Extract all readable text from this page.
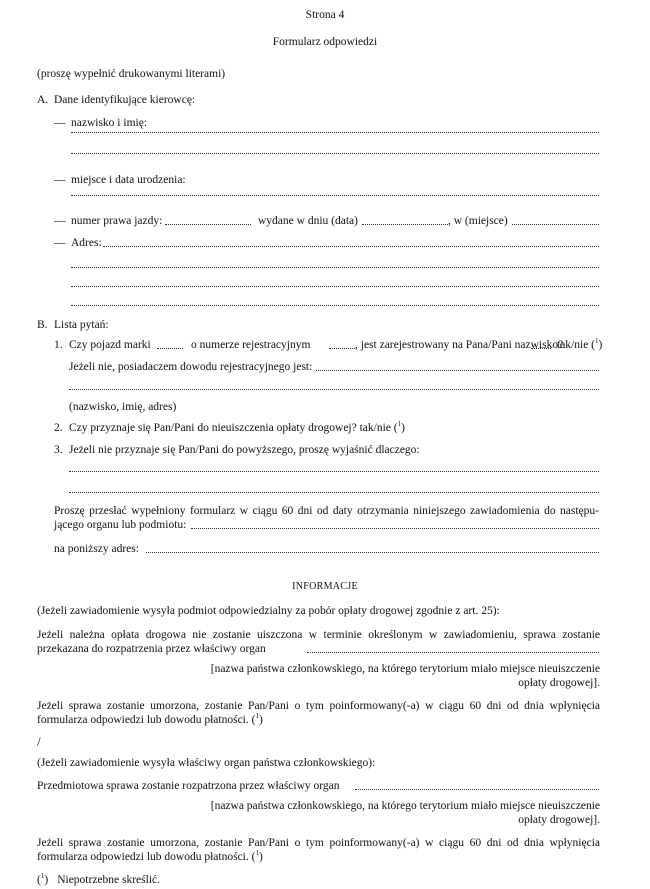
Strona 4
Formularz odpowiedzi
(proszę wypełnić drukowanymi literami)
A. Dane identyfikujące kierowcę:
— nazwisko i imię:
— miejsce i data urodzenia:
— numer prawa jazdy:	wydane w dniu (data)	, w (miejsce)
— Adres:
B. Lista pytań:
1. Czy pojazd marki	o numerze rejestracyjnym	, jest zarejestrowany na Pana/Pani nazwisko?
tak/nie ($^1$)
Jeżeli nie, posiadaczem dowodu rejestracyjnego jest:
(nazwisko, imię, adres)
2. Czy przyznaje się Pan/Pani do nieuiszczenia opłaty drogowej? tak/nie ($^1$)
3. Jeżeli nie przyznaje się Pan/Pani do powyższego, proszę wyjaśnić dlaczego:
Proszę przesłać wypełniony formularz w ciągu 60 dni od daty otrzymania niniejszego zawiadomienia do następu-
jącego organu lub podmiotu:
na poniższy adres:
INFORMACJE
(Jeżeli zawiadomienie wysyła podmiot odpowiedzialny za pobór opłaty drogowej zgodnie z art. 25):
Jeżeli należna opłata drogowa nie zostanie uiszczona w terminie określonym w zawiadomieniu, sprawa zostanie
przekazana do rozpatrzenia przez właściwy organ
[nazwa państwa członkowskiego, na którego terytorium miało miejsce nieuiszczenie
opłaty drogowej].
Jeżeli sprawa zostanie umorzona, zostanie Pan/Pani o tym poinformowany(-a) w ciągu 60 dni od dnia wpłynięcia
formularza odpowiedzi lub dowodu płatności. ($^1$)
/
(Jeżeli zawiadomienie wysyła właściwy organ państwa członkowskiego):
Przedmiotowa sprawa zostanie rozpatrzona przez właściwy organ
[nazwa państwa członkowskiego, na którego terytorium miało miejsce nieuiszczenie
opłaty drogowej].
Jeżeli sprawa zostanie umorzona, zostanie Pan/Pani o tym poinformowany(-a) w ciągu 60 dni od dnia wpłynięcia
formularza odpowiedzi lub dowodu płatności. ($^1$)
($^1$) Niepotrzebne skreślić.
